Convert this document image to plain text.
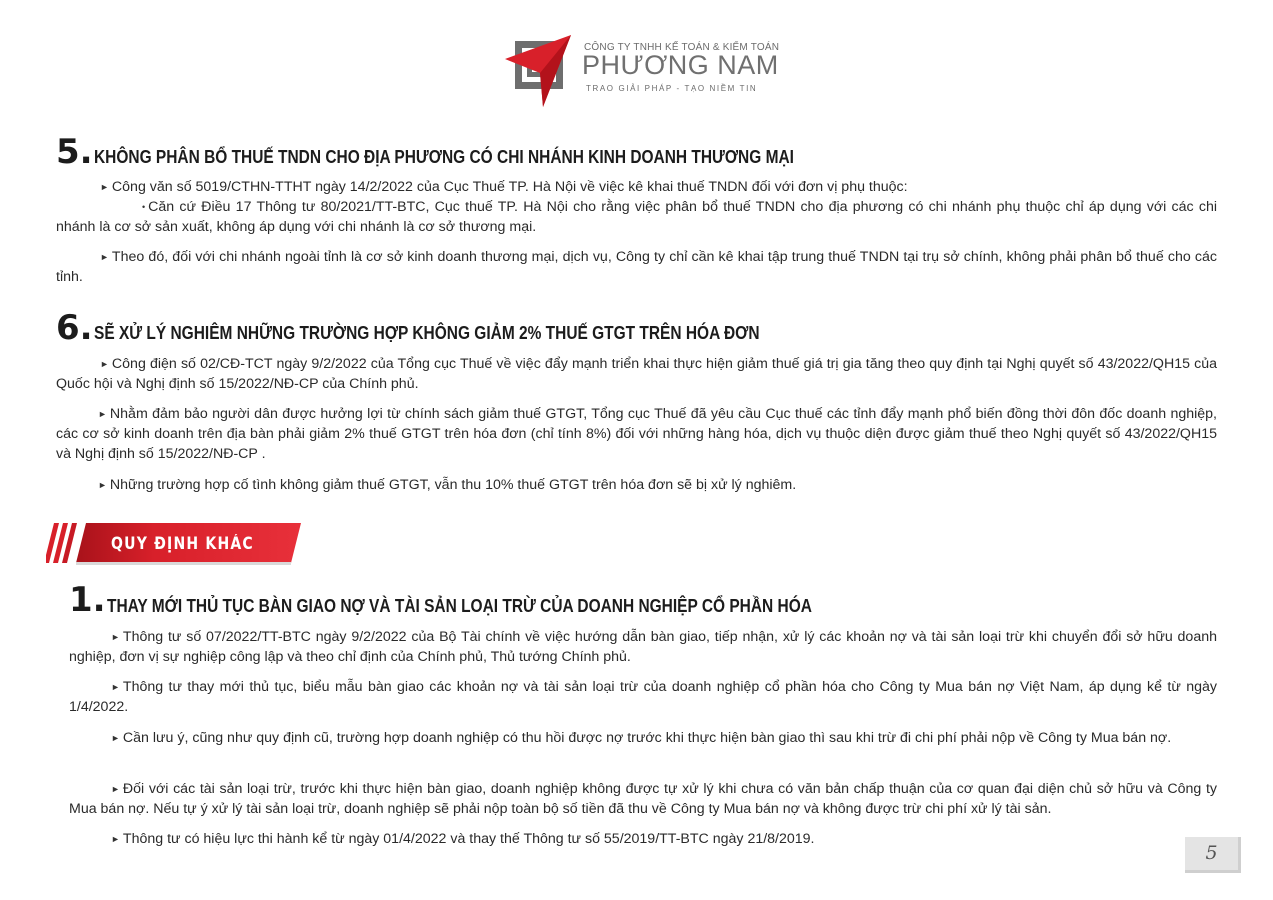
CÔNG TY TNHH KẾ TOÁN & KIỂM TOÁN
PHƯƠNG NAM
TRAO GIẢI PHÁP - TẠO NIỀM TIN
5. KHÔNG PHÂN BỔ THUẾ TNDN CHO ĐỊA PHƯƠNG CÓ CHI NHÁNH KINH DOANH THƯƠNG MẠI

► Công văn số 5019/CTHN-TTHT ngày 14/2/2022 của Cục Thuế TP. Hà Nội về việc kê khai thuế TNDN đối với đơn vị phụ thuộc:

• Căn cứ Điều 17 Thông tư 80/2021/TT-BTC, Cục thuế TP. Hà Nội cho rằng việc phân bổ thuế TNDN cho địa phương có chi nhánh phụ thuộc chỉ áp dụng với các chi nhánh là cơ sở sản xuất, không áp dụng với chi nhánh là cơ sở thương mại.

► Theo đó, đối với chi nhánh ngoài tỉnh là cơ sở kinh doanh thương mại, dịch vụ, Công ty chỉ cần kê khai tập trung thuế TNDN tại trụ sở chính, không phải phân bổ thuế cho các tỉnh.

6. SẼ XỬ LÝ NGHIÊM NHỮNG TRƯỜNG HỢP KHÔNG GIẢM 2% THUẾ GTGT TRÊN HÓA ĐƠN

► Công điện số 02/CĐ-TCT ngày 9/2/2022 của Tổng cục Thuế về việc đẩy mạnh triển khai thực hiện giảm thuế giá trị gia tăng theo quy định tại Nghị quyết số 43/2022/QH15 của Quốc hội và Nghị định số 15/2022/NĐ-CP của Chính phủ.

► Nhằm đảm bảo người dân được hưởng lợi từ chính sách giảm thuế GTGT, Tổng cục Thuế đã yêu cầu Cục thuế các tỉnh đẩy mạnh phổ biến đồng thời đôn đốc doanh nghiệp, các cơ sở kinh doanh trên địa bàn phải giảm 2% thuế GTGT trên hóa đơn (chỉ tính 8%) đối với những hàng hóa, dịch vụ thuộc diện được giảm thuế theo Nghị quyết số 43/2022/QH15 và Nghị định số 15/2022/NĐ-CP .

► Những trường hợp cố tình không giảm thuế GTGT, vẫn thu 10% thuế GTGT trên hóa đơn sẽ bị xử lý nghiêm.

QUY ĐỊNH KHÁC
1. THAY MỚI THỦ TỤC BÀN GIAO NỢ VÀ TÀI SẢN LOẠI TRỪ CỦA DOANH NGHIỆP CỔ PHẦN HÓA

► Thông tư số 07/2022/TT-BTC ngày 9/2/2022 của Bộ Tài chính về việc hướng dẫn bàn giao, tiếp nhận, xử lý các khoản nợ và tài sản loại trừ khi chuyển đổi sở hữu doanh nghiệp, đơn vị sự nghiệp công lập và theo chỉ định của Chính phủ, Thủ tướng Chính phủ.

► Thông tư thay mới thủ tục, biểu mẫu bàn giao các khoản nợ và tài sản loại trừ của doanh nghiệp cổ phần hóa cho Công ty Mua bán nợ Việt Nam, áp dụng kể từ ngày 1/4/2022.

► Cần lưu ý, cũng như quy định cũ, trường hợp doanh nghiệp có thu hồi được nợ trước khi thực hiện bàn giao thì sau khi trừ đi chi phí phải nộp về Công ty Mua bán nợ.

► Đối với các tài sản loại trừ, trước khi thực hiện bàn giao, doanh nghiệp không được tự xử lý khi chưa có văn bản chấp thuận của cơ quan đại diện chủ sở hữu và Công ty Mua bán nợ. Nếu tự ý xử lý tài sản loại trừ, doanh nghiệp sẽ phải nộp toàn bộ số tiền đã thu về Công ty Mua bán nợ và không được trừ chi phí xử lý tài sản.

► Thông tư có hiệu lực thi hành kể từ ngày 01/4/2022 và thay thế Thông tư số 55/2019/TT-BTC ngày 21/8/2019.

5
